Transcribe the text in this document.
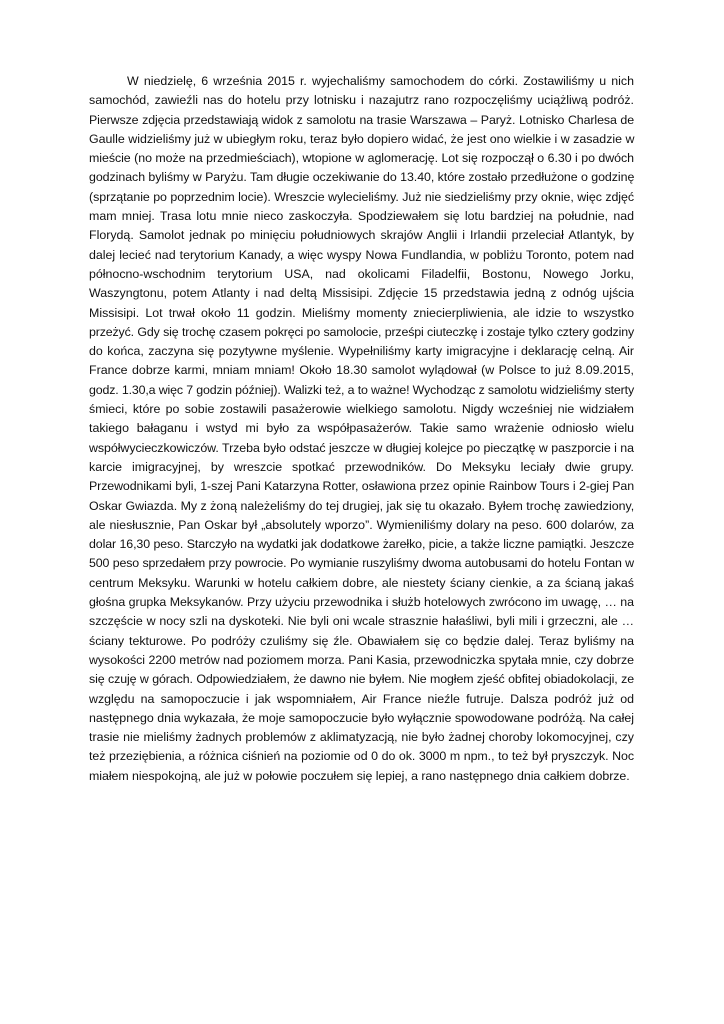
W niedzielę, 6 września 2015 r. wyjechaliśmy samochodem do córki. Zostawiliśmy u nich
samochód, zawieźli nas do hotelu przy lotnisku i nazajutrz rano rozpoczęliśmy uciążliwą podróż.
Pierwsze zdjęcia przedstawiają widok z samolotu na trasie Warszawa – Paryż. Lotnisko Charlesa de
Gaulle widzieliśmy już w ubiegłym roku, teraz było dopiero widać, że jest ono wielkie i w zasadzie w
mieście (no może na przedmieściach), wtopione w aglomerację. Lot się rozpoczął o 6.30 i po dwóch
godzinach byliśmy w Paryżu. Tam długie oczekiwanie do 13.40, które zostało przedłużone o godzinę
(sprzątanie po poprzednim locie). Wreszcie wylecieliśmy. Już nie siedzieliśmy przy oknie, więc zdjęć
mam mniej. Trasa lotu mnie nieco zaskoczyła. Spodziewałem się lotu bardziej na południe, nad
Florydą. Samolot jednak po minięciu południowych skrajów Anglii i Irlandii przeleciał Atlantyk, by
dalej lecieć nad terytorium Kanady, a więc wyspy Nowa Fundlandia, w pobliżu Toronto, potem nad
północno-wschodnim terytorium USA, nad okolicami Filadelfii, Bostonu, Nowego Jorku,
Waszyngtonu, potem Atlanty i nad deltą Missisipi. Zdjęcie 15 przedstawia jedną z odnóg ujścia
Missisipi. Lot trwał około 11 godzin. Mieliśmy momenty zniecierpliwienia, ale idzie to wszystko
przeżyć. Gdy się trochę czasem pokręci po samolocie, prześpi ciuteczkę i zostaje tylko cztery godziny
do końca, zaczyna się pozytywne myślenie. Wypełniliśmy karty imigracyjne i deklarację celną. Air
France dobrze karmi, mniam mniam! Około 18.30 samolot wylądował (w Polsce to już 8.09.2015,
godz. 1.30,a więc 7 godzin później). Walizki też, a to ważne! Wychodząc z samolotu widzieliśmy sterty
śmieci, które po sobie zostawili pasażerowie wielkiego samolotu. Nigdy wcześniej nie widziałem
takiego bałaganu i wstyd mi było za współpasażerów. Takie samo wrażenie odniosło wielu
współwycieczkowiczów. Trzeba było odstać jeszcze w długiej kolejce po pieczątkę w paszporcie i na
karcie imigracyjnej, by wreszcie spotkać przewodników. Do Meksyku leciały dwie grupy.
Przewodnikami byli, 1-szej Pani Katarzyna Rotter, osławiona przez opinie Rainbow Tours i 2-giej Pan
Oskar Gwiazda. My z żoną należeliśmy do tej drugiej, jak się tu okazało. Byłem trochę zawiedziony,
ale niesłusznie, Pan Oskar był „absolutely wporzo”. Wymieniliśmy dolary na peso. 600 dolarów, za
dolar 16,30 peso. Starczyło na wydatki jak dodatkowe żarełko, picie, a także liczne pamiątki. Jeszcze
500 peso sprzedałem przy powrocie. Po wymianie ruszyliśmy dwoma autobusami do hotelu Fontan w
centrum Meksyku. Warunki w hotelu całkiem dobre, ale niestety ściany cienkie, a za ścianą jakaś
głośna grupka Meksykanów. Przy użyciu przewodnika i służb hotelowych zwrócono im uwagę, … na
szczęście w nocy szli na dyskoteki. Nie byli oni wcale strasznie hałaśliwi, byli mili i grzeczni, ale …
ściany tekturowe. Po podróży czuliśmy się źle. Obawiałem się co będzie dalej. Teraz byliśmy na
wysokości 2200 metrów nad poziomem morza. Pani Kasia, przewodniczka spytała mnie, czy dobrze
się czuję w górach. Odpowiedziałem, że dawno nie byłem. Nie mogłem zjeść obfitej obiadokolacji, ze
względu na samopoczucie i jak wspomniałem, Air France nieźle futruje. Dalsza podróż już od
następnego dnia wykazała, że moje samopoczucie było wyłącznie spowodowane podróżą. Na całej
trasie nie mieliśmy żadnych problemów z aklimatyzacją, nie było żadnej choroby lokomocyjnej, czy
też przeziębienia, a różnica ciśnień na poziomie od 0 do ok. 3000 m npm., to też był pryszczyk. Noc
miałem niespokojną, ale już w połowie poczułem się lepiej, a rano następnego dnia całkiem dobrze.
